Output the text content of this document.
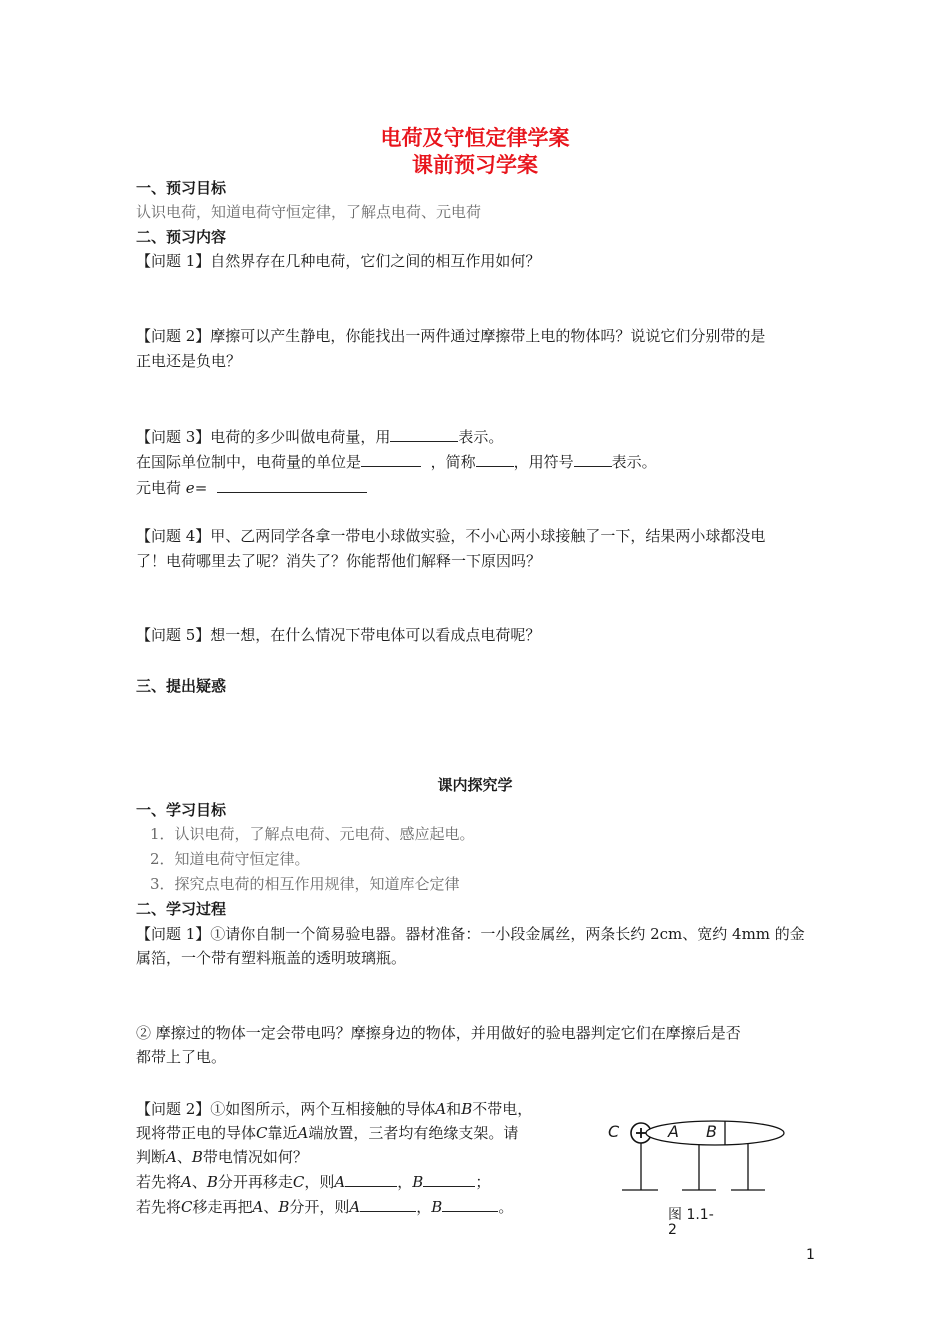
电荷及守恒定律学案
课前预习学案
一、预习目标
认识电荷，知道电荷守恒定律，了解点电荷、元电荷
二、预习内容
【问题 1】自然界存在几种电荷，它们之间的相互作用如何？
【问题 2】摩擦可以产生静电，你能找出一两件通过摩擦带上电的物体吗？说说它们分别带的是
正电还是负电？
【问题 3】电荷的多少叫做电荷量，用	表示。
在国际单位制中，电荷量的单位是	，简称	，用符号	表示。
元电荷 e=
【问题 4】甲、乙两同学各拿一带电小球做实验，不小心两小球接触了一下，结果两小球都没电
了！电荷哪里去了呢？消失了？你能帮他们解释一下原因吗？
【问题 5】想一想，在什么情况下带电体可以看成点电荷呢？
三、提出疑惑
课内探究学
一、学习目标
1．认识电荷，了解点电荷、元电荷、感应起电。
2．知道电荷守恒定律。
3．探究点电荷的相互作用规律，知道库仑定律
二、学习过程
【问题 1】①请你自制一个简易验电器。器材准备：一小段金属丝，两条长约 2cm、宽约 4mm 的金
属箔，一个带有塑料瓶盖的透明玻璃瓶。
② 摩擦过的物体一定会带电吗？摩擦身边的物体，并用做好的验电器判定它们在摩擦后是否
都带上了电。
【问题 2】①如图所示，两个互相接触的导体A和B不带电，
现将带正电的导体C靠近A端放置，三者均有绝缘支架。请
判断A、B带电情况如何？
若先将A、B分开再移走C，则A	，B	；
若先将C移走再把A、B分开，则A	，B	。
C	A B
图 1.1-
2
1
